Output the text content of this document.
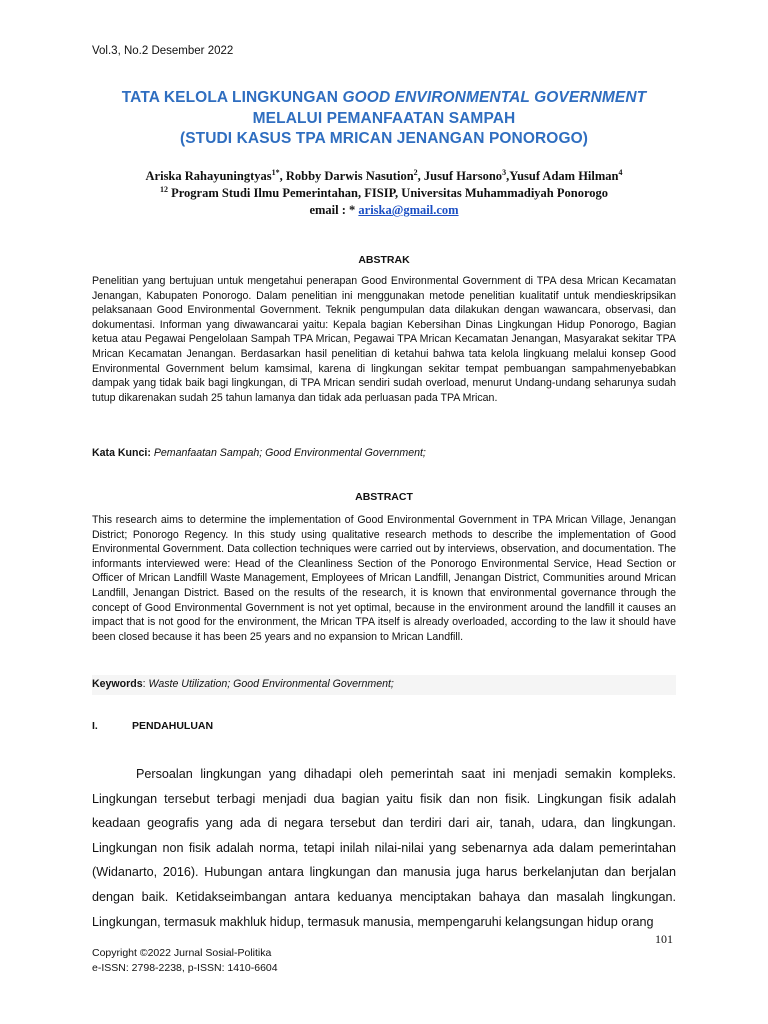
Vol.3, No.2 Desember 2022
TATA KELOLA LINGKUNGAN GOOD ENVIRONMENTAL GOVERNMENT
MELALUI PEMANFAATAN SAMPAH
(STUDI KASUS TPA MRICAN JENANGAN PONOROGO)
Ariska Rahayuningtyas$^{1*}$, Robby Darwis Nasution$^2$, Jusuf Harsono$^3$,Yusuf Adam Hilman$^4$
$^{12}$ Program Studi Ilmu Pemerintahan, FISIP, Universitas Muhammadiyah Ponorogo
email : * ariska@gmail.com
ABSTRAK
Penelitian yang bertujuan untuk mengetahui penerapan Good Environmental Government di TPA desa Mrican Kecamatan Jenangan, Kabupaten Ponorogo. Dalam penelitian ini menggunakan metode penelitian kualitatif untuk mendieskripsikan pelaksanaan Good Environmental Government. Teknik pengumpulan data dilakukan dengan wawancara, observasi, dan dokumentasi. Informan yang diwawancarai yaitu: Kepala bagian Kebersihan Dinas Lingkungan Hidup Ponorogo, Bagian ketua atau Pegawai Pengelolaan Sampah TPA Mrican, Pegawai TPA Mrican Kecamatan Jenangan, Masyarakat sekitar TPA Mrican Kecamatan Jenangan. Berdasarkan hasil penelitian di ketahui bahwa tata kelola lingkuang melalui konsep Good Environmental Government belum kamsimal, karena di lingkungan sekitar tempat pembuangan sampahmenyebabkan dampak yang tidak baik bagi lingkungan, di TPA Mrican sendiri sudah overload, menurut Undang-undang seharunya sudah tutup dikarenakan sudah 25 tahun lamanya dan tidak ada perluasan pada TPA Mrican.
Kata Kunci: Pemanfaatan Sampah; Good Environmental Government;
ABSTRACT
This research aims to determine the implementation of Good Environmental Government in TPA Mrican Village, Jenangan District; Ponorogo Regency. In this study using qualitative research methods to describe the implementation of Good Environmental Government. Data collection techniques were carried out by interviews, observation, and documentation. The informants interviewed were: Head of the Cleanliness Section of the Ponorogo Environmental Service, Head Section or Officer of Mrican Landfill Waste Management, Employees of Mrican Landfill, Jenangan District, Communities around Mrican Landfill, Jenangan District. Based on the results of the research, it is known that environmental governance through the concept of Good Environmental Government is not yet optimal, because in the environment around the landfill it causes an impact that is not good for the environment, the Mrican TPA itself is already overloaded, according to the law it should have been closed because it has been 25 years and no expansion to Mrican Landfill.
Keywords: Waste Utilization; Good Environmental Government;
I.	PENDAHULUAN
Persoalan lingkungan yang dihadapi oleh pemerintah saat ini menjadi semakin kompleks. Lingkungan tersebut terbagi menjadi dua bagian yaitu fisik dan non fisik. Lingkungan fisik adalah keadaan geografis yang ada di negara tersebut dan terdiri dari air, tanah, udara, dan lingkungan. Lingkungan non fisik adalah norma, tetapi inilah nilai-nilai yang sebenarnya ada dalam pemerintahan (Widanarto, 2016). Hubungan antara lingkungan dan manusia juga harus berkelanjutan dan berjalan dengan baik. Ketidakseimbangan antara keduanya menciptakan bahaya dan masalah lingkungan. Lingkungan, termasuk makhluk hidup, termasuk manusia, mempengaruhi kelangsungan hidup orang
101
Copyright ©2022 Jurnal Sosial-Politika
e-ISSN: 2798-2238, p-ISSN: 1410-6604
